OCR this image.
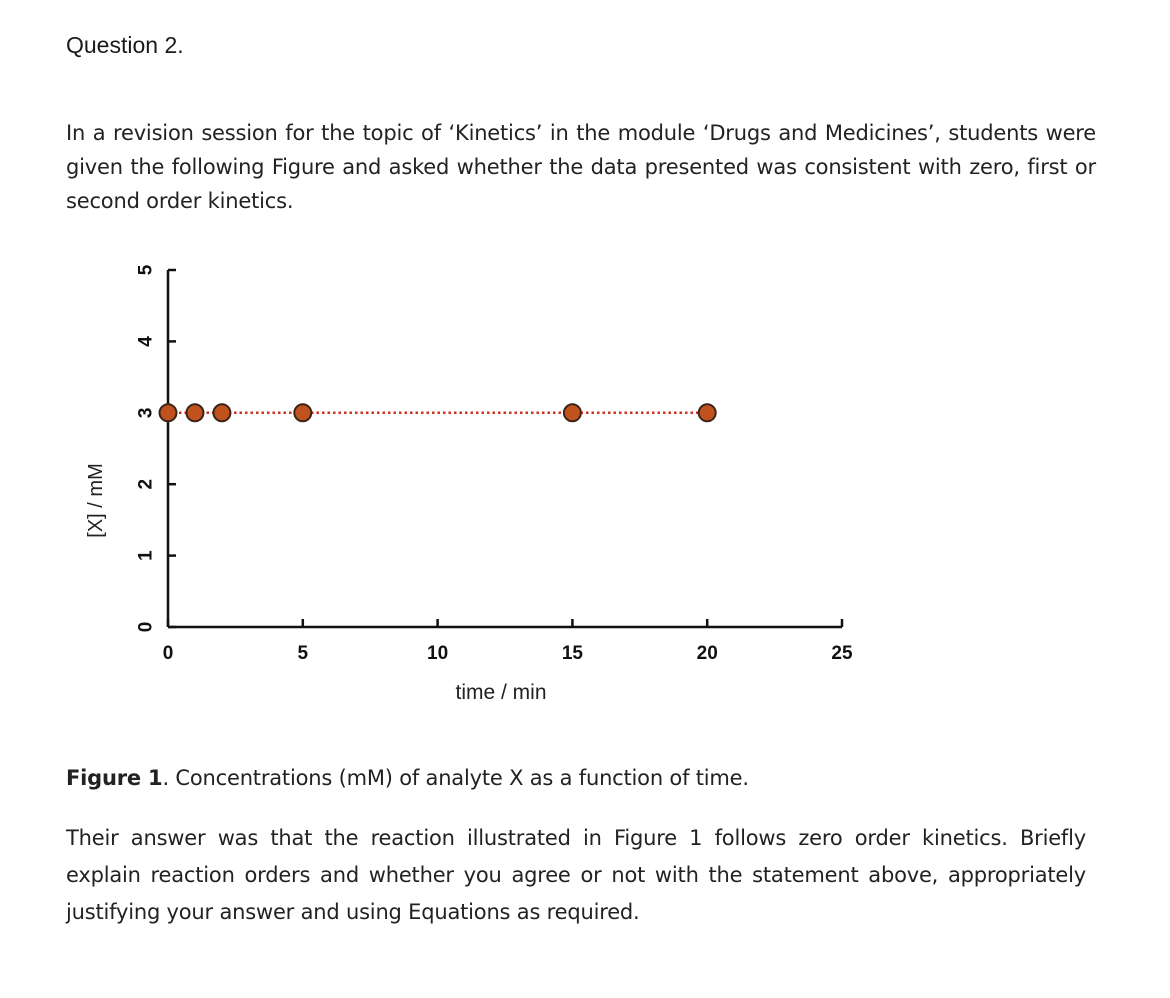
Question 2.
In a revision session for the topic of ‘Kinetics’ in the module ‘Drugs and Medicines’, students were given the following Figure and asked whether the data presented was consistent with zero, first or second order kinetics.
0
1
2
3
4
5
0	5	10	15	20	25
time / min
[X] / mM
Figure 1. Concentrations (mM) of analyte X as a function of time.
Their answer was that the reaction illustrated in Figure 1 follows zero order kinetics. Briefly explain reaction orders and whether you agree or not with the statement above, appropriately justifying your answer and using Equations as required.
